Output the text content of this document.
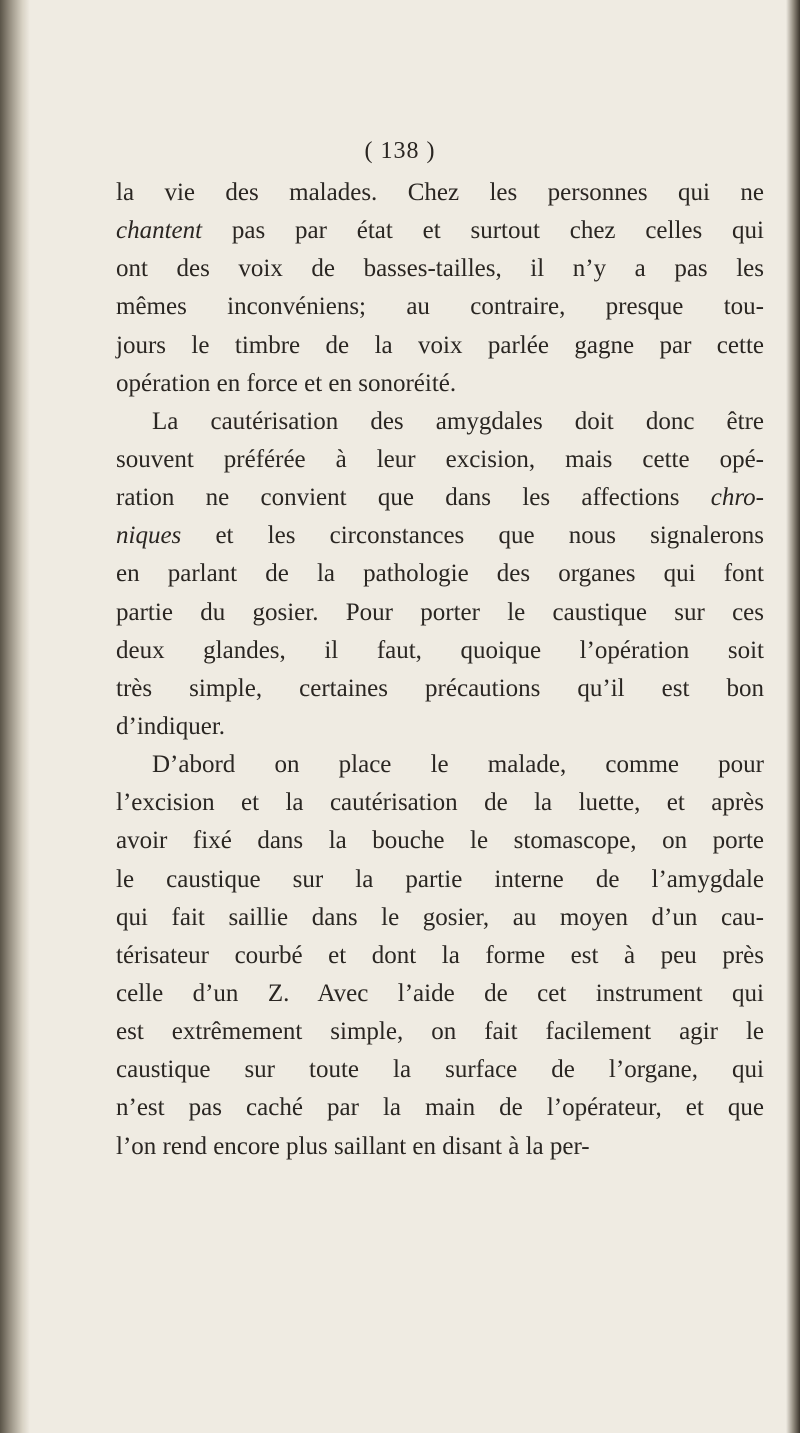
( 138 )
la vie des malades. Chez les personnes qui ne
chantent pas par état et surtout chez celles qui
ont des voix de basses-tailles, il n’y a pas les
mêmes inconvéniens; au contraire, presque tou-
jours le timbre de la voix parlée gagne par cette
opération en force et en sonoréité.
La cautérisation des amygdales doit donc être
souvent préférée à leur excision, mais cette opé-
ration ne convient que dans les affections chro-
niques et les circonstances que nous signalerons
en parlant de la pathologie des organes qui font
partie du gosier. Pour porter le caustique sur ces
deux glandes, il faut, quoique l’opération soit
très simple, certaines précautions qu’il est bon
d’indiquer.
D’abord on place le malade, comme pour
l’excision et la cautérisation de la luette, et après
avoir fixé dans la bouche le stomascope, on porte
le caustique sur la partie interne de l’amygdale
qui fait saillie dans le gosier, au moyen d’un cau-
térisateur courbé et dont la forme est à peu près
celle d’un Z. Avec l’aide de cet instrument qui
est extrêmement simple, on fait facilement agir le
caustique sur toute la surface de l’organe, qui
n’est pas caché par la main de l’opérateur, et que
l’on rend encore plus saillant en disant à la per-
